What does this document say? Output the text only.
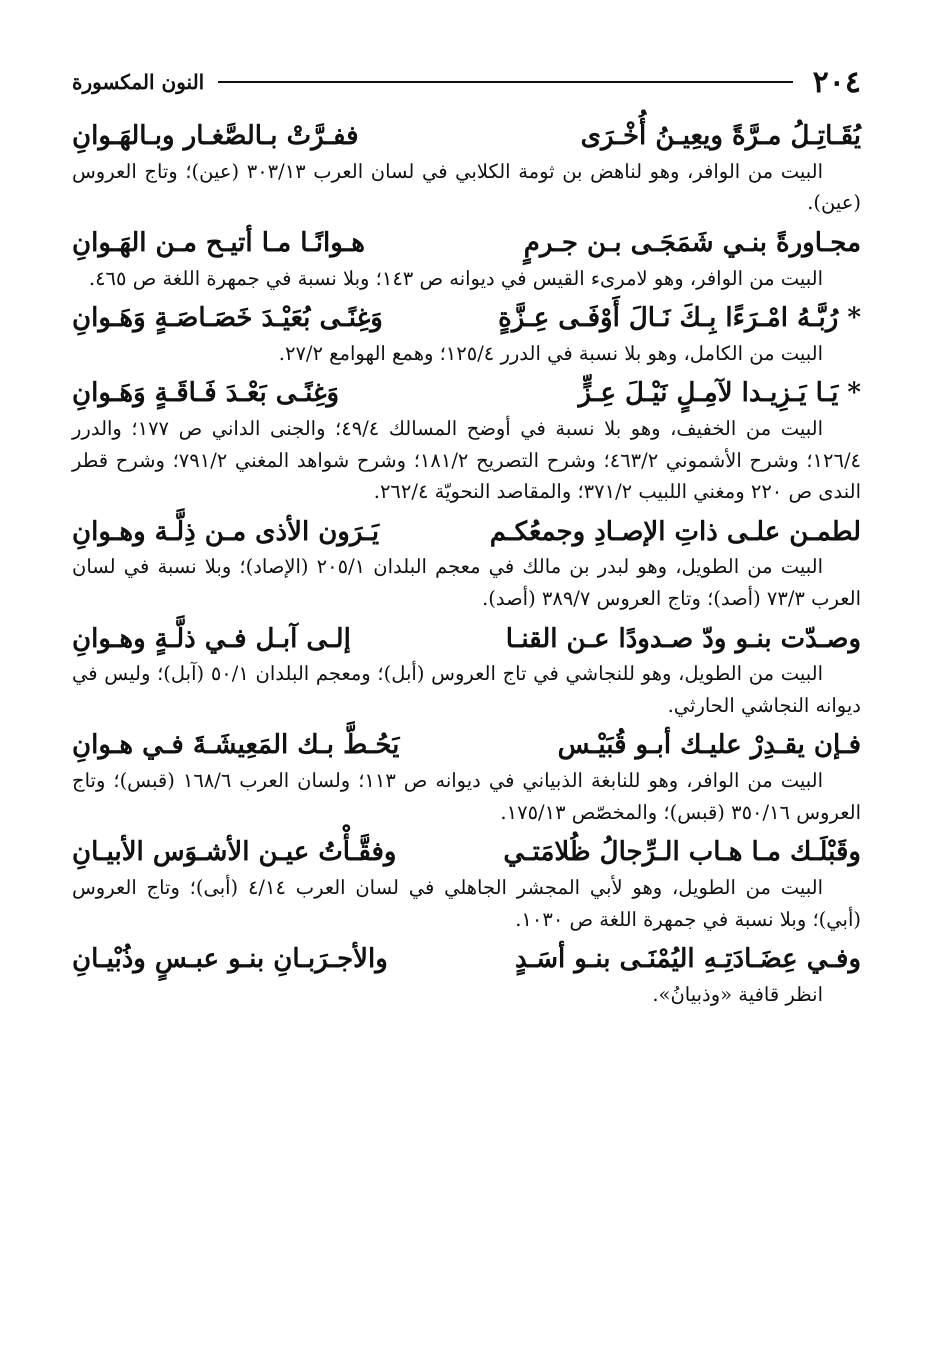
٢٠٤
النون المكسورة
يُقَـاتِـلُ مـرَّةً ويعِيـنُ أُخْـرَى
ففـرَّتْ بـالصَّغـار وبـالهَـوانِ

البيت من الوافر، وهو لناهض بن ثومة الكلابي في لسان العرب ٣٠٣/١٣ (عين)؛ وتاج العروس (عين).

مجـاورةً بنـي شَمَجَـى بـن جـرمٍ
هـوانًـا مـا أتيـح مـن الهَـوانِ

البيت من الوافر، وهو لامرىء القيس في ديوانه ص ١٤٣؛ وبلا نسبة في جمهرة اللغة ص ٤٦٥.

* رُبَّـهُ امْـرَءًا بِـكَ نَـالَ أَوْفَـى عِـزَّةٍ
وَغِنًـى بُعَيْـدَ خَصَـاصَـةٍ وَهَـوانِ

البيت من الكامل، وهو بلا نسبة في الدرر ١٢٥/٤؛ وهمع الهوامع ٢٧/٢.

* يَـا يَـزِيـدا لآمِـلٍ نَيْـلَ عِـزٍّ
وَغِنًـى بَعْـدَ فَـاقَـةٍ وَهَـوانِ

البيت من الخفيف، وهو بلا نسبة في أوضح المسالك ٤٩/٤؛ والجنى الداني ص ١٧٧؛ والدرر ١٢٦/٤؛ وشرح الأشموني ٤٦٣/٢؛ وشرح التصريح ١٨١/٢؛ وشرح شواهد المغني ٧٩١/٢؛ وشرح قطر الندى ص ٢٢٠ ومغني اللبيب ٣٧١/٢؛ والمقاصد النحويّة ٢٦٢/٤.

لطمـن علـى ذاتِ الإصـادِ وجمعُكـم
يَـرَون الأذى مـن ذِلَّـة وهـوانِ

البيت من الطويل، وهو لبدر بن مالك في معجم البلدان ٢٠٥/١ (الإصاد)؛ وبلا نسبة في لسان العرب ٧٣/٣ (أصد)؛ وتاج العروس ٣٨٩/٧ (أصد).

وصـدّت بنـو ودّ صـدودًا عـن القنـا
إلـى آبـل فـي ذلَّـةٍ وهـوانِ

البيت من الطويل، وهو للنجاشي في تاج العروس (أبل)؛ ومعجم البلدان ٥٠/١ (آبل)؛ وليس في ديوانه النجاشي الحارثي.

فـإن يقـدِرْ عليـك أبـو قُبَيْـس
يَحُـطَّ بـك المَعِيشَـةَ فـي هـوانِ

البيت من الوافر، وهو للنابغة الذبياني في ديوانه ص ١١٣؛ ولسان العرب ١٦٨/٦ (قبس)؛ وتاج العروس ٣٥٠/١٦ (قبس)؛ والمخصّص ١٧٥/١٣.

وقَبْلَـك مـا هـاب الـرِّجالُ ظُلامَتـي
وفقَّـأْتُ عيـن الأشـوَس الأبيـانِ

البيت من الطويل، وهو لأبي المجشر الجاهلي في لسان العرب ٤/١٤ (أبى)؛ وتاج العروس (أبي)؛ وبلا نسبة في جمهرة اللغة ص ١٠٣٠.

وفـي عِضَـادَتِـهِ اليُمْنَـى بنـو أسَـدٍ
والأجـرَبـانِ بنـو عبـسٍ وذُبْيـانِ

انظر قافية «وذبيانُ».
